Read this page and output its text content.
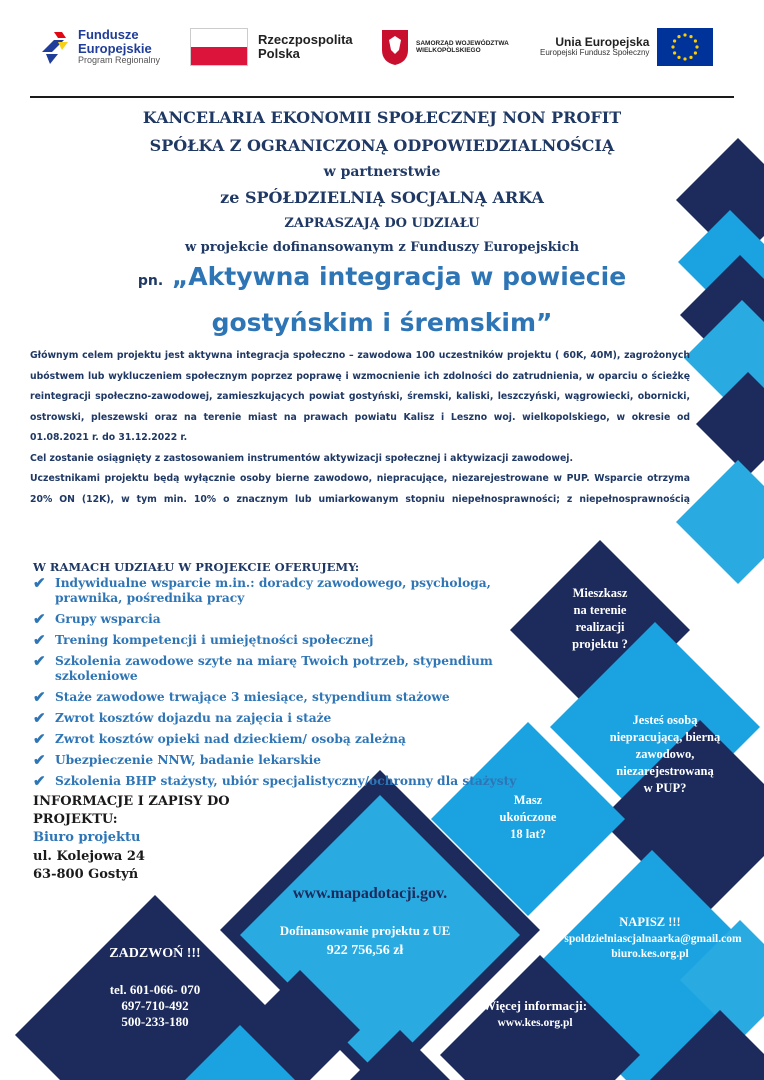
Fundusze
Europejskie
Program Regionalny
Rzeczpospolita
Polska
SAMORZĄD WOJEWÓDZTWA
WIELKOPOLSKIEGO
Unia Europejska
Europejski Fundusz Społeczny
KANCELARIA EKONOMII SPOŁECZNEJ NON PROFIT
SPÓŁKA Z OGRANICZONĄ ODPOWIEDZIALNOŚCIĄ
w partnerstwie
ze SPÓŁDZIELNIĄ SOCJALNĄ ARKA
ZAPRASZAJĄ DO UDZIAŁU
w projekcie dofinansowanym z Funduszy Europejskich
pn. „Aktywna integracja w powiecie
gostyńskim i śremskim”

Głównym celem projektu jest aktywna integracja społeczno – zawodowa 100 uczestników projektu ( 60K, 40M), zagrożonych ubóstwem lub wykluczeniem społecznym poprzez poprawę i wzmocnienie ich zdolności do zatrudnienia, w oparciu o ścieżkę reintegracji społeczno-zawodowej, zamieszkujących powiat gostyński, śremski, kaliski, leszczyński, wągrowiecki, obornicki, ostrowski, pleszewski oraz na terenie miast na prawach powiatu Kalisz i Leszno woj. wielkopolskiego, w okresie od 01.08.2021 r. do 31.12.2022 r.

Cel zostanie osiągnięty z zastosowaniem instrumentów aktywizacji społecznej i aktywizacji zawodowej.

Uczestnikami projektu będą wyłącznie osoby bierne zawodowo, niepracujące, niezarejestrowane w PUP. Wsparcie otrzyma 20% ON (12K), w tym min. 10% o znacznym lub umiarkowanym stopniu niepełnosprawności; z niepełnosprawnością

W RAMACH UDZIAŁU W PROJEKCIE OFERUJEMY:
✔ Indywidualne wsparcie m.in.: doradcy zawodowego, psychologa, prawnika, pośrednika pracy
✔ Grupy wsparcia
✔ Trening kompetencji i umiejętności społecznej
✔ Szkolenia zawodowe szyte na miarę Twoich potrzeb, stypendium szkoleniowe
✔ Staże zawodowe trwające 3 miesiące, stypendium stażowe
✔ Zwrot kosztów dojazdu na zajęcia i staże
✔ Zwrot kosztów opieki nad dzieckiem/ osobą zależną
✔ Ubezpieczenie NNW, badanie lekarskie
✔ Szkolenia BHP stażysty, ubiór specjalistyczny/ochronny dla stażysty
INFORMACJE I ZAPISY DO
PROJEKTU:
Biuro projektu
ul. Kolejowa 24
63-800 Gostyń
Mieszkasz
na terenie
realizacji
projektu ?
Jesteś osobą
niepracującą, bierną
zawodowo,
niezarejestrowaną
w PUP?
Masz
ukończone
18 lat?
www.mapadotacji.gov.
Dofinansowanie projektu z UE
922 756,56 zł
ZADZWOŃ !!!
tel. 601-066- 070
697-710-492
500-233-180
NAPISZ !!!
spoldzielniascjalnaarka@gmail.com
biuro.kes.org.pl
Więcej informacji:
www.kes.org.pl
